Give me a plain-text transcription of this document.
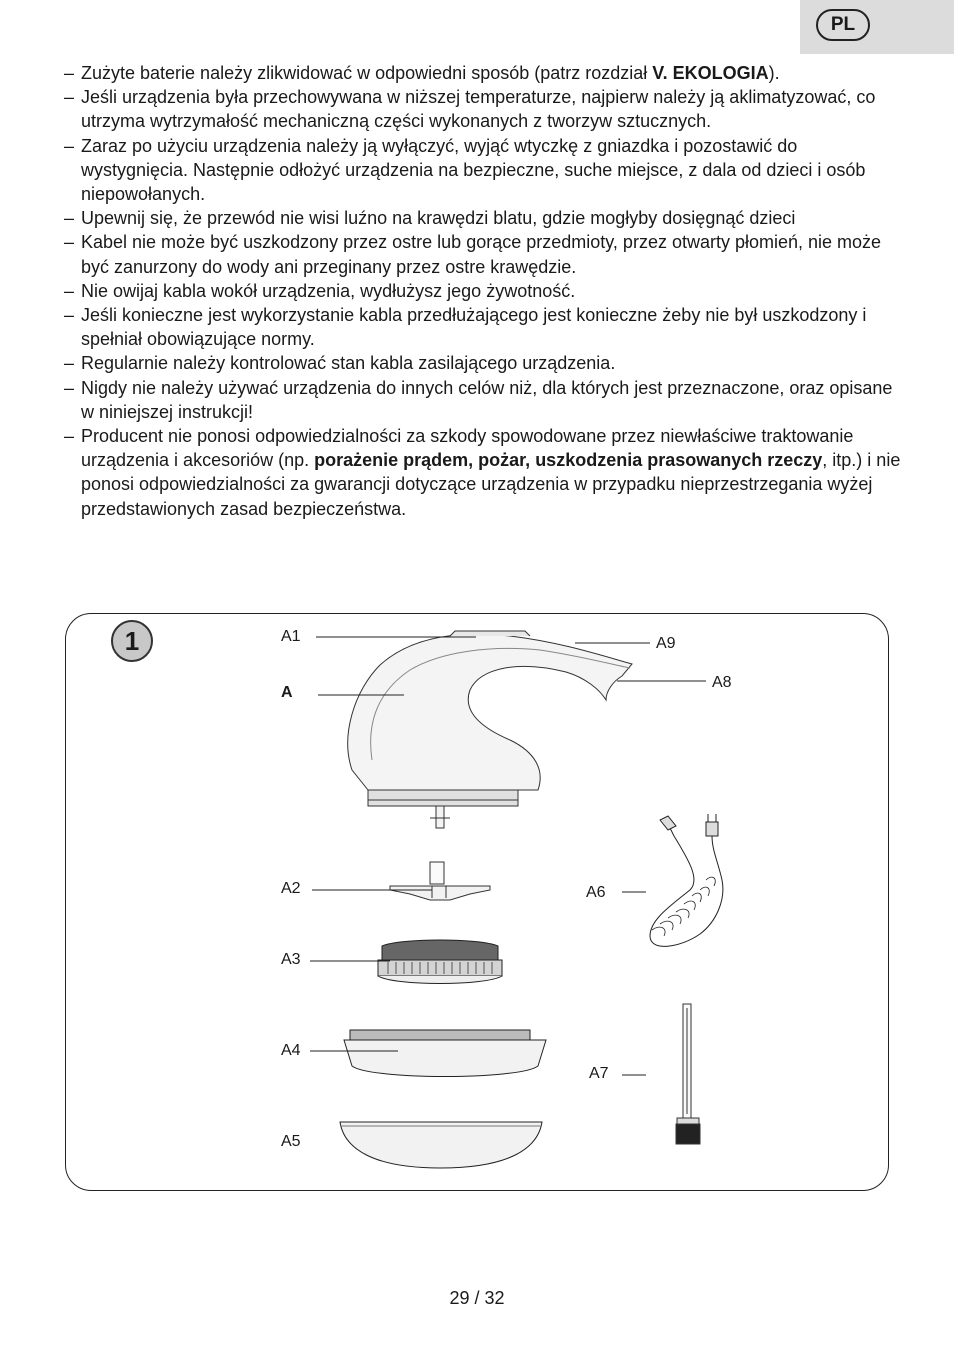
PL
– Zużyte baterie należy zlikwidować w odpowiedni sposób (patrz rozdział V. EKOLOGIA).
– Jeśli urządzenia była przechowywana w niższej temperaturze, najpierw należy ją aklimatyzować, co utrzyma wytrzymałość mechaniczną części wykonanych z tworzyw sztucznych.
– Zaraz po użyciu urządzenia należy ją wyłączyć, wyjąć wtyczkę z gniazdka i pozostawić do wystygnięcia. Następnie odłożyć urządzenia na bezpieczne, suche miejsce, z dala od dzieci i osób niepowołanych.
– Upewnij się, że przewód nie wisi luźno na krawędzi blatu, gdzie mogłyby dosięgnąć dzieci
– Kabel nie może być uszkodzony przez ostre lub gorące przedmioty, przez otwarty płomień, nie może być zanurzony do wody ani przeginany przez ostre krawędzie.
– Nie owijaj kabla wokół urządzenia, wydłużysz jego żywotność.
– Jeśli konieczne jest wykorzystanie kabla przedłużającego jest konieczne żeby nie był uszkodzony i spełniał obowiązujące normy.
– Regularnie należy kontrolować stan kabla zasilającego urządzenia.
– Nigdy nie należy używać urządzenia do innych celów niż, dla których jest przeznaczone, oraz opisane w niniejszej instrukcji!
– Producent nie ponosi odpowiedzialności za szkody spowodowane przez niewłaściwe traktowanie urządzenia i akcesoriów (np. porażenie prądem, pożar, uszkodzenia prasowanych rzeczy, itp.) i nie ponosi odpowiedzialności za gwarancji dotyczące urządzenia w przypadku nieprzestrzegania wyżej przedstawionych zasad bezpieczeństwa.
1	A1
A
A9
A8
A2
A3
A4
A5
A6
A7
29 / 32
